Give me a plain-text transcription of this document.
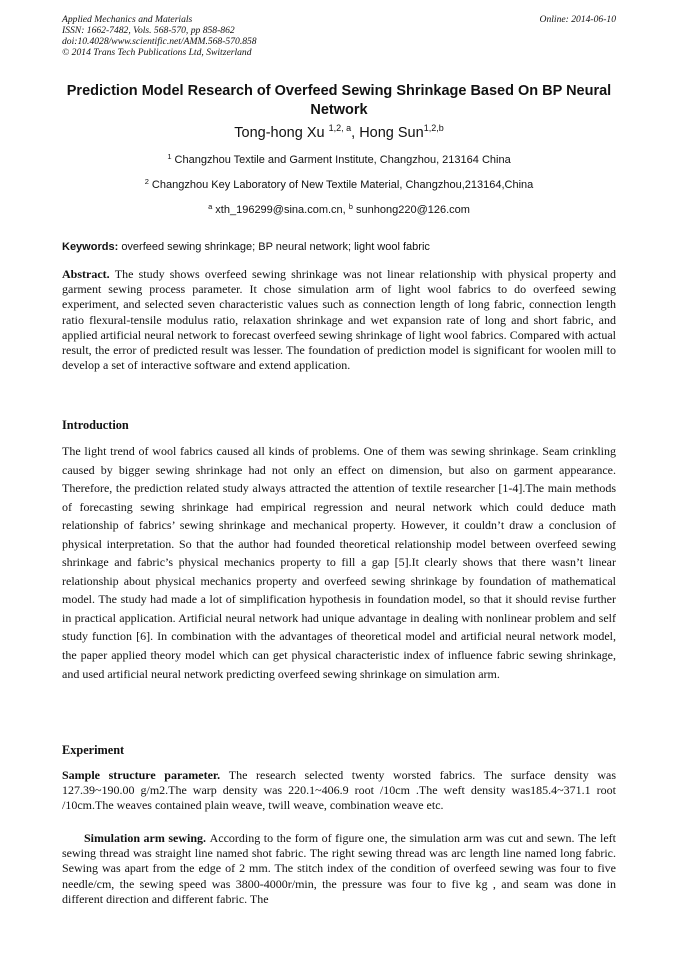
Applied Mechanics and Materials
ISSN: 1662-7482, Vols. 568-570, pp 858-862
doi:10.4028/www.scientific.net/AMM.568-570.858
© 2014 Trans Tech Publications Ltd, Switzerland
Online: 2014-06-10
Prediction Model Research of Overfeed Sewing Shrinkage Based On BP Neural Network
Tong-hong Xu $^{1,2, a}$, Hong Sun$^{1,2,b}$
$^1$ Changzhou Textile and Garment Institute, Changzhou, 213164 China
$^2$ Changzhou Key Laboratory of New Textile Material, Changzhou,213164,China
$^a$ xth_196299@sina.com.cn, $^b$ sunhong220@126.com
Keywords: overfeed sewing shrinkage; BP neural network; light wool fabric
Abstract. The study shows overfeed sewing shrinkage was not linear relationship with physical property and garment sewing process parameter. It chose simulation arm of light wool fabrics to do overfeed sewing experiment, and selected seven characteristic values such as connection length of long fabric, connection length ratio flexural-tensile modulus ratio, relaxation shrinkage and wet expansion rate of long and short fabric, and applied artificial neural network to forecast overfeed sewing shrinkage of light wool fabrics. Compared with actual result, the error of predicted result was lesser. The foundation of prediction model is significant for woolen mill to develop a set of interactive software and extend application.
Introduction
The light trend of wool fabrics caused all kinds of problems. One of them was sewing shrinkage. Seam crinkling caused by bigger sewing shrinkage had not only an effect on dimension, but also on garment appearance. Therefore, the prediction related study always attracted the attention of textile researcher [1-4].The main methods of forecasting sewing shrinkage had empirical regression and neural network which could deduce math relationship of fabrics’ sewing shrinkage and mechanical property. However, it couldn’t draw a conclusion of physical interpretation. So that the author had founded theoretical relationship model between overfeed sewing shrinkage and fabric’s physical mechanics property to fill a gap [5].It clearly shows that there wasn’t linear relationship about physical mechanics property and overfeed sewing shrinkage by foundation of mathematical model. The study had made a lot of simplification hypothesis in foundation model, so that it should revise further in practical application. Artificial neural network had unique advantage in dealing with nonlinear problem and self study function [6]. In combination with the advantages of theoretical model and artificial neural network model, the paper applied theory model which can get physical characteristic index of influence fabric sewing shrinkage, and used artificial neural network predicting overfeed sewing shrinkage on simulation arm.
Experiment
Sample structure parameter. The research selected twenty worsted fabrics. The surface density was 127.39~190.00 g/m2.The warp density was 220.1~406.9 root /10cm .The weft density was185.4~371.1 root /10cm.The weaves contained plain weave, twill weave, combination weave etc.
Simulation arm sewing. According to the form of figure one, the simulation arm was cut and sewn. The left sewing thread was straight line named shot fabric. The right sewing thread was arc length line named long fabric. Sewing was apart from the edge of 2 mm. The stitch index of the condition of overfeed sewing was four to five needle/cm, the sewing speed was 3800-4000r/min, the pressure was four to five kg , and seam was done in different direction and different fabric. The
